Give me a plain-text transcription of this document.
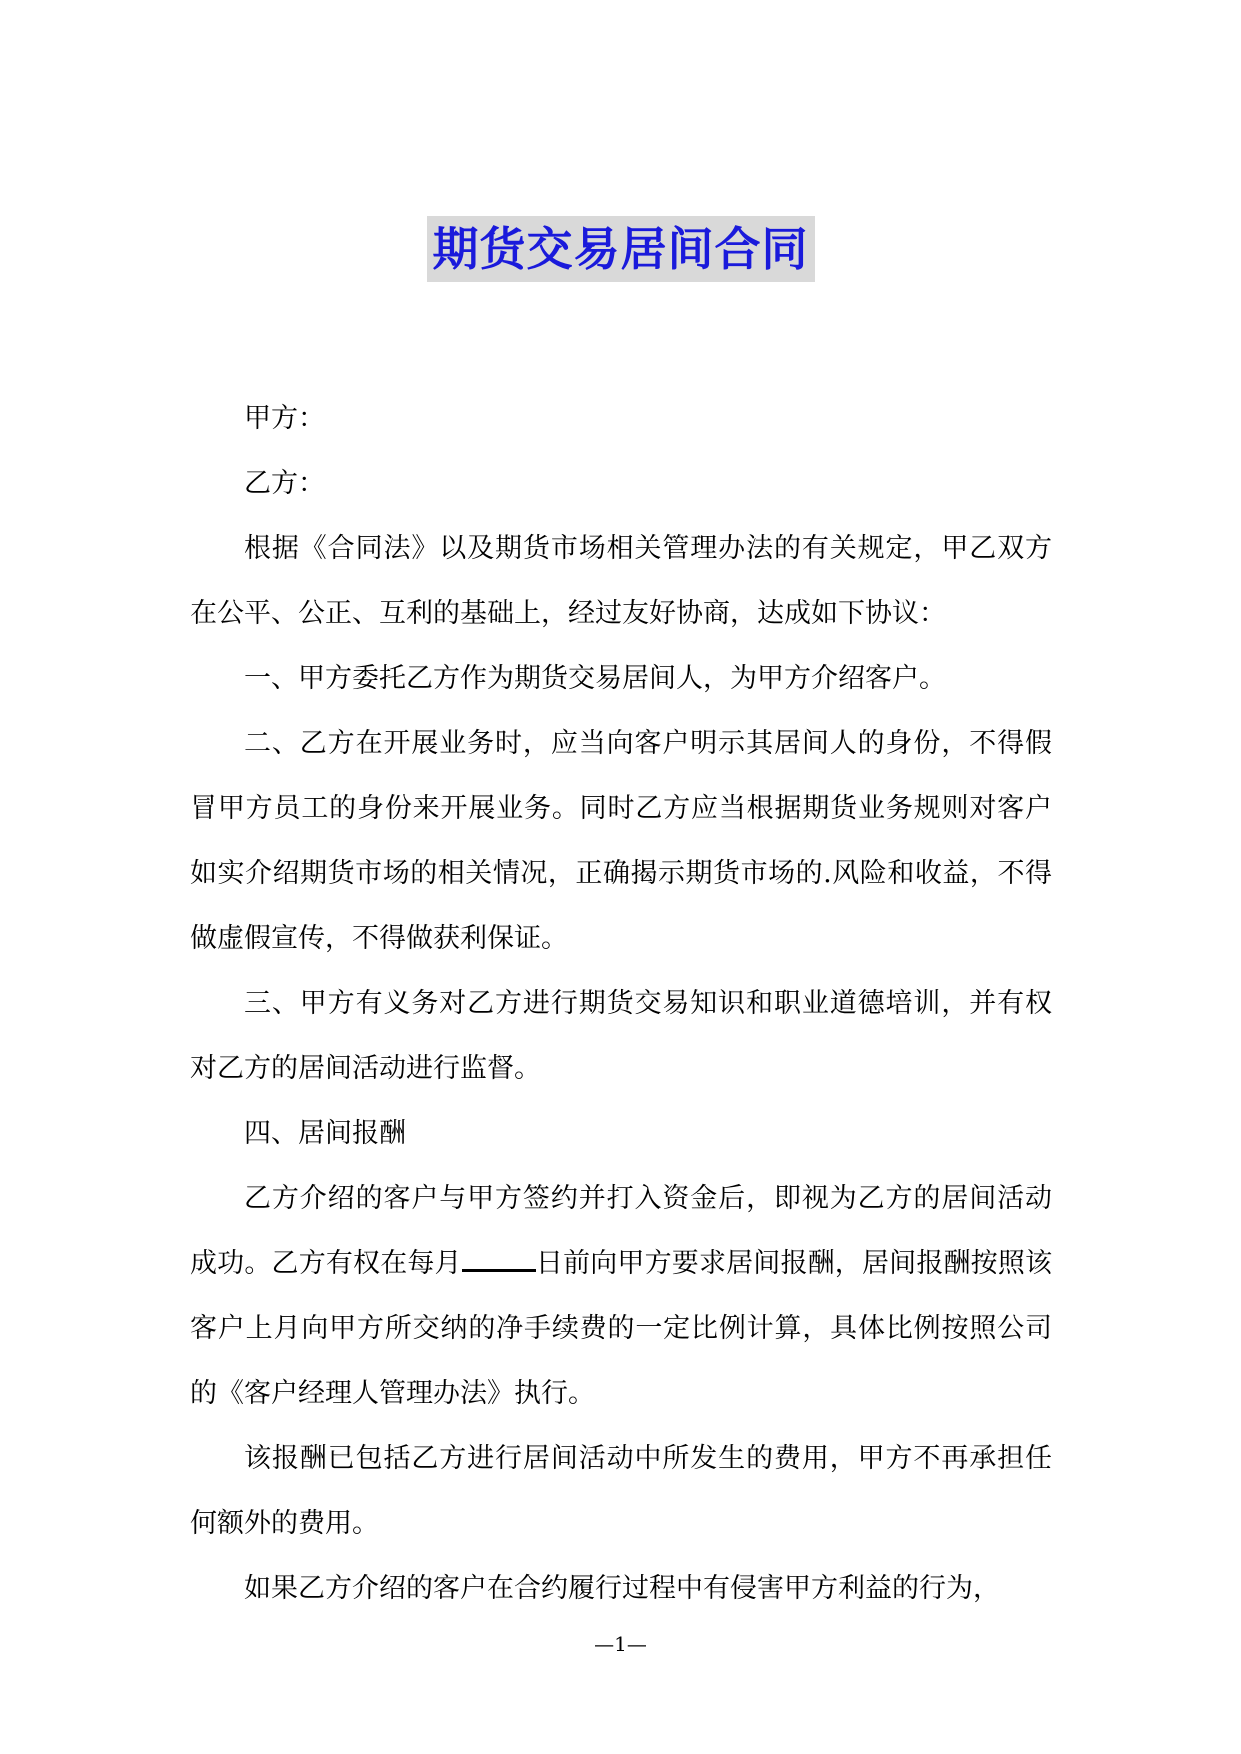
期货交易居间合同

甲方：

乙方：

根据《合同法》以及期货市场相关管理办法的有关规定，甲乙双方在公平、公正、互利的基础上，经过友好协商，达成如下协议：

一、甲方委托乙方作为期货交易居间人，为甲方介绍客户。

二、乙方在开展业务时，应当向客户明示其居间人的身份，不得假冒甲方员工的身份来开展业务。同时乙方应当根据期货业务规则对客户如实介绍期货市场的相关情况，正确揭示期货市场的.风险和收益，不得做虚假宣传，不得做获利保证。

三、甲方有义务对乙方进行期货交易知识和职业道德培训，并有权对乙方的居间活动进行监督。

四、居间报酬

乙方介绍的客户与甲方签约并打入资金后，即视为乙方的居间活动成功。乙方有权在每月	日前向甲方要求居间报酬，居间报酬按照该客户上月向甲方所交纳的净手续费的一定比例计算，具体比例按照公司的《客户经理人管理办法》执行。

该报酬已包括乙方进行居间活动中所发生的费用，甲方不再承担任何额外的费用。

如果乙方介绍的客户在合约履行过程中有侵害甲方利益的行为，

—1—
